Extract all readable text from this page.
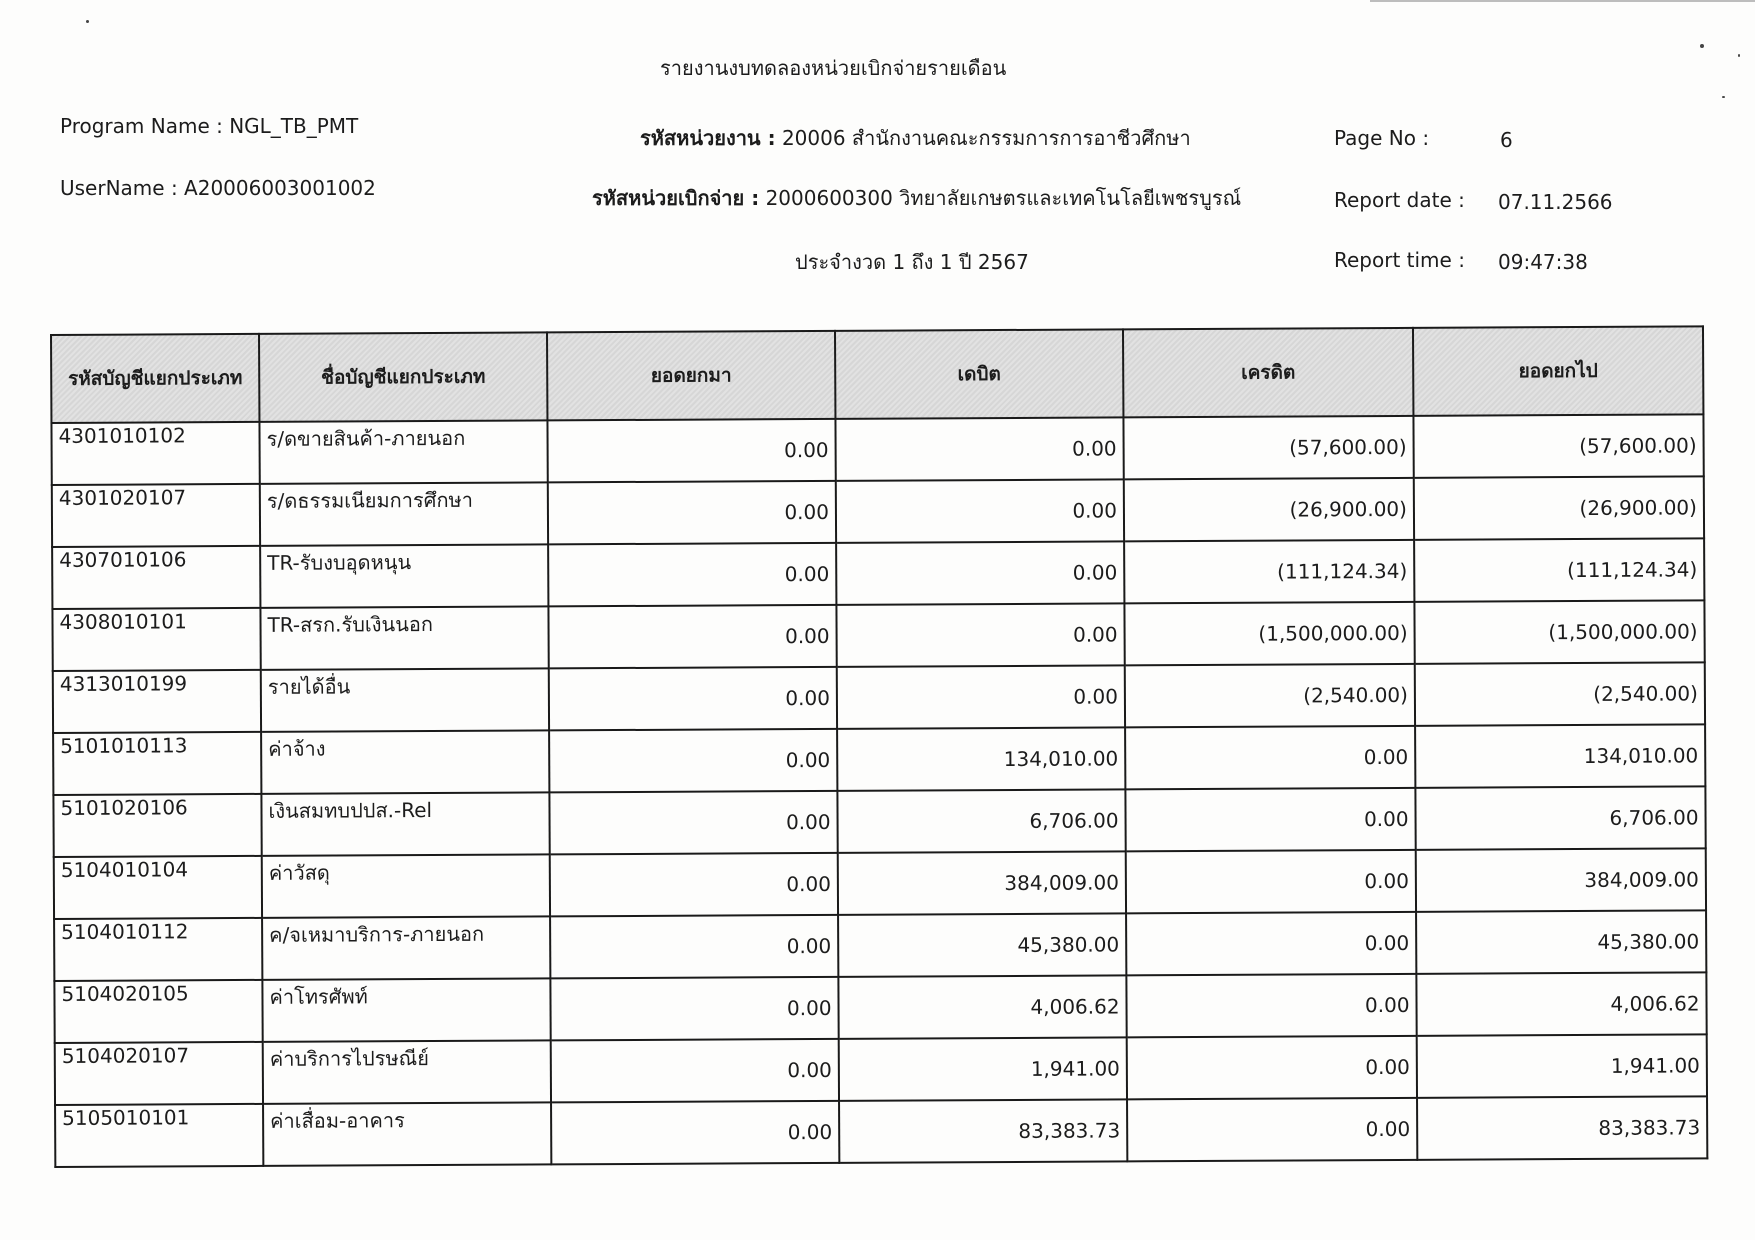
รายงานงบทดลองหน่วยเบิกจ่ายรายเดือน
Program Name : NGL_TB_PMT
UserName : A20006003001002
รหัสหน่วยงาน : 20006 สำนักงานคณะกรรมการการอาชีวศึกษา
รหัสหน่วยเบิกจ่าย : 2000600300 วิทยาลัยเกษตรและเทคโนโลยีเพชรบูรณ์
ประจำงวด 1 ถึง 1 ปี 2567
Page No :	6
Report date : 07.11.2566
Report time : 09:47:38
รหัสบัญชีแยกประเภท	ชื่อบัญชีแยกประเภท	ยอดยกมา	เดบิต	เครดิต	ยอดยกไป
4301010102	ร/ดขายสินค้า-ภายนอก	0.00	0.00	(57,600.00)	(57,600.00)
4301020107	ร/ดธรรมเนียมการศึกษา	0.00	0.00	(26,900.00)	(26,900.00)
4307010106	TR-รับงบอุดหนุน	0.00	0.00	(111,124.34)	(111,124.34)
4308010101	TR-สรก.รับเงินนอก	0.00	0.00	(1,500,000.00)	(1,500,000.00)
4313010199	รายได้อื่น	0.00	0.00	(2,540.00)	(2,540.00)
5101010113	ค่าจ้าง	0.00	134,010.00	0.00	134,010.00
5101020106	เงินสมทบปปส.-Rel	0.00	6,706.00	0.00	6,706.00
5104010104	ค่าวัสดุ	0.00	384,009.00	0.00	384,009.00
5104010112	ค/จเหมาบริการ-ภายนอก	0.00	45,380.00	0.00	45,380.00
5104020105	ค่าโทรศัพท์	0.00	4,006.62	0.00	4,006.62
5104020107	ค่าบริการไปรษณีย์	0.00	1,941.00	0.00	1,941.00
5105010101	ค่าเสื่อม-อาคาร	0.00	83,383.73	0.00	83,383.73
